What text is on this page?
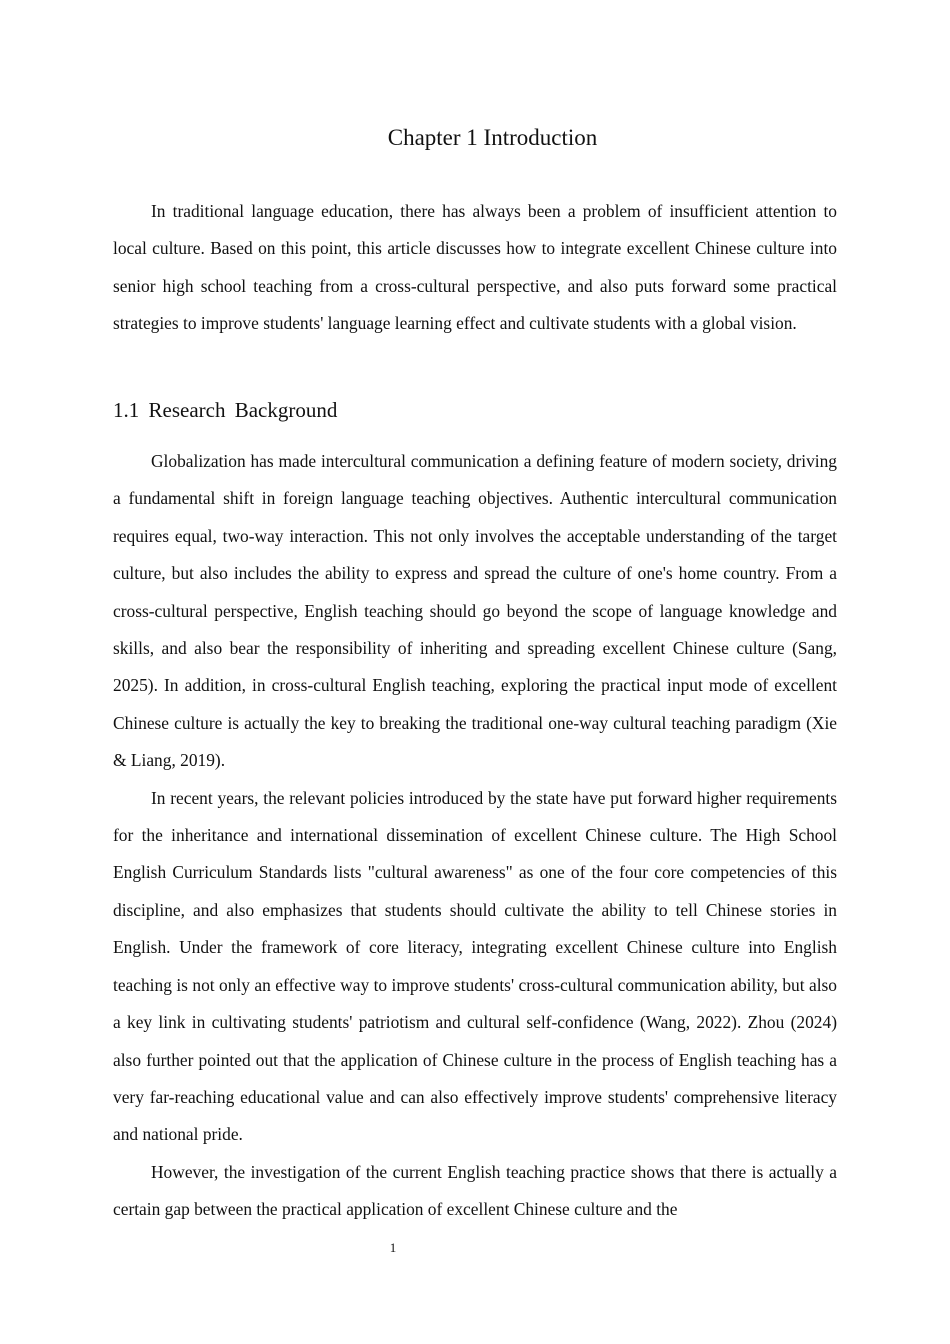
Chapter 1 Introduction

In traditional language education, there has always been a problem of insufficient attention to local culture. Based on this point, this article discusses how to integrate excellent Chinese culture into senior high school teaching from a cross-cultural perspective, and also puts forward some practical strategies to improve students' language learning effect and cultivate students with a global vision.

1.1 Research Background

Globalization has made intercultural communication a defining feature of modern society, driving a fundamental shift in foreign language teaching objectives. Authentic intercultural communication requires equal, two-way interaction. This not only involves the acceptable understanding of the target culture, but also includes the ability to express and spread the culture of one's home country. From a cross-cultural perspective, English teaching should go beyond the scope of language knowledge and skills, and also bear the responsibility of inheriting and spreading excellent Chinese culture (Sang, 2025). In addition, in cross-cultural English teaching, exploring the practical input mode of excellent Chinese culture is actually the key to breaking the traditional one-way cultural teaching paradigm (Xie & Liang, 2019).

In recent years, the relevant policies introduced by the state have put forward higher requirements for the inheritance and international dissemination of excellent Chinese culture. The High School English Curriculum Standards lists "cultural awareness" as one of the four core competencies of this discipline, and also emphasizes that students should cultivate the ability to tell Chinese stories in English. Under the framework of core literacy, integrating excellent Chinese culture into English teaching is not only an effective way to improve students' cross-cultural communication ability, but also a key link in cultivating students' patriotism and cultural self-confidence (Wang, 2022). Zhou (2024) also further pointed out that the application of Chinese culture in the process of English teaching has a very far-reaching educational value and can also effectively improve students' comprehensive literacy and national pride.

However, the investigation of the current English teaching practice shows that there is actually a certain gap between the practical application of excellent Chinese culture and the

1
